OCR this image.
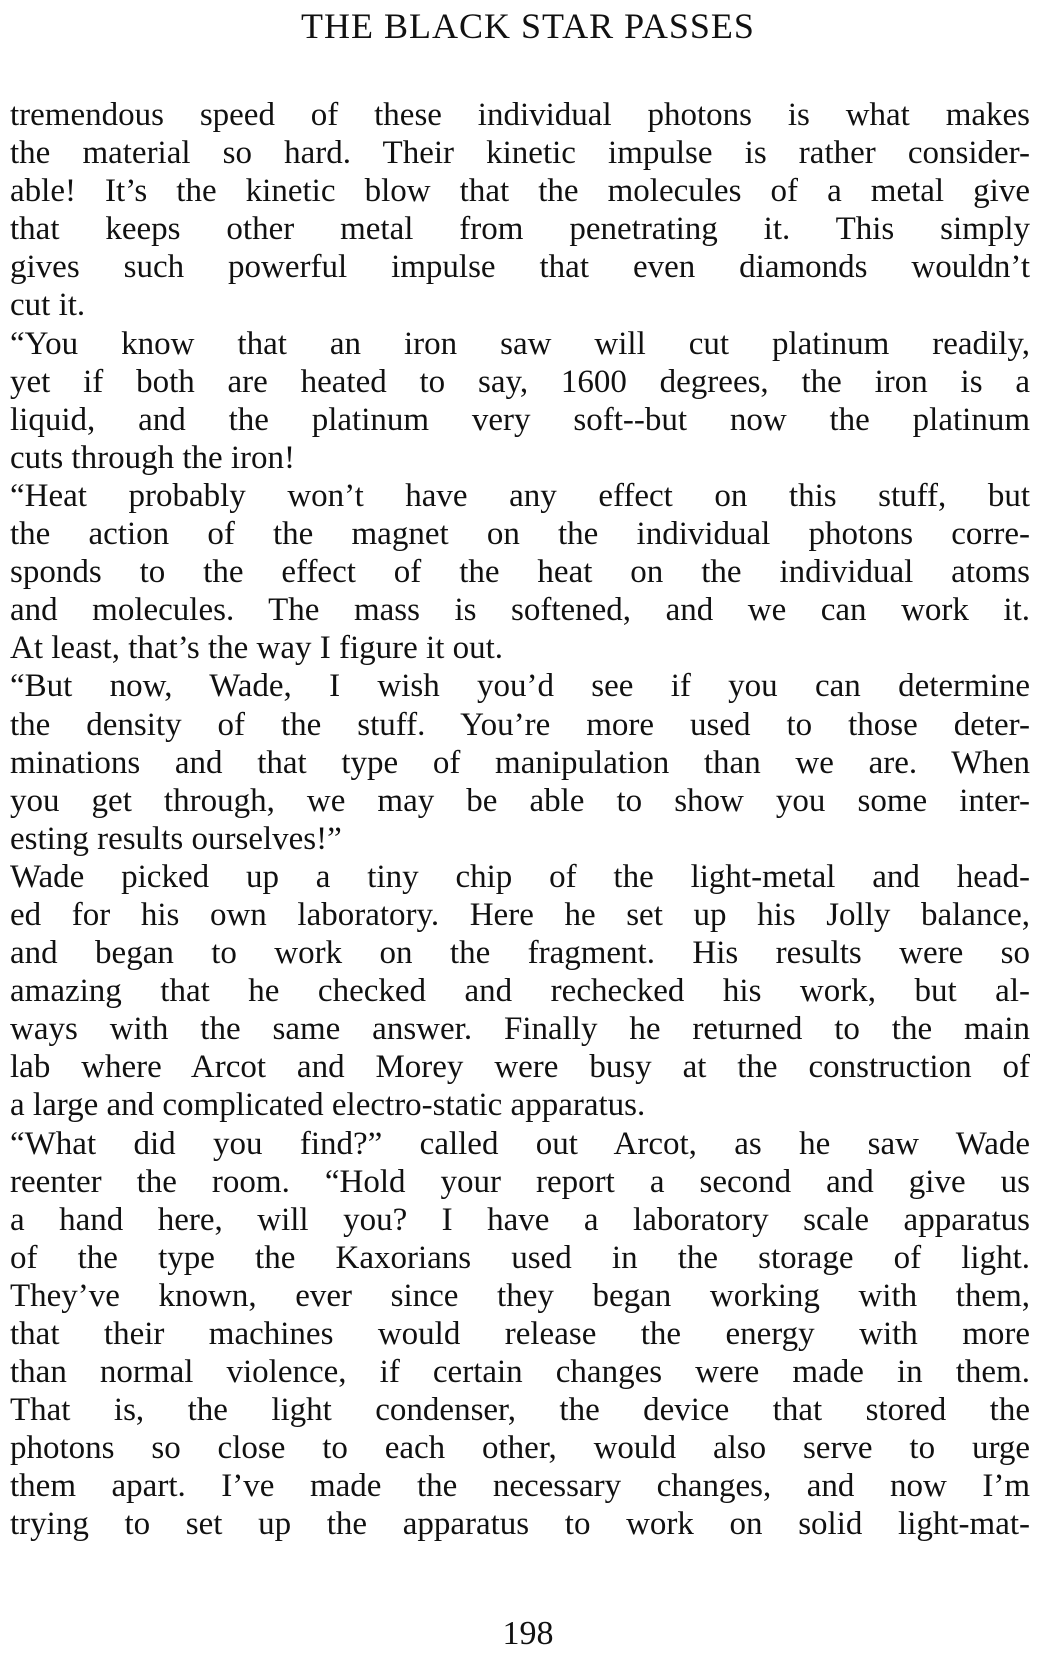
THE BLACK STAR PASSES
tremendous speed of these individual photons is what makes
the material so hard. Their kinetic impulse is rather consider-
able! It’s the kinetic blow that the molecules of a metal give
that keeps other metal from penetrating it. This simply
gives such powerful impulse that even diamonds wouldn’t
cut it.
“You know that an iron saw will cut platinum readily,
yet if both are heated to say, 1600 degrees, the iron is a
liquid, and the platinum very soft--but now the platinum
cuts through the iron!
“Heat probably won’t have any effect on this stuff, but
the action of the magnet on the individual photons corre-
sponds to the effect of the heat on the individual atoms
and molecules. The mass is softened, and we can work it.
At least, that’s the way I figure it out.
“But now, Wade, I wish you’d see if you can determine
the density of the stuff. You’re more used to those deter-
minations and that type of manipulation than we are. When
you get through, we may be able to show you some inter-
esting results ourselves!”
Wade picked up a tiny chip of the light-metal and head-
ed for his own laboratory. Here he set up his Jolly balance,
and began to work on the fragment. His results were so
amazing that he checked and rechecked his work, but al-
ways with the same answer. Finally he returned to the main
lab where Arcot and Morey were busy at the construction of
a large and complicated electro-static apparatus.
“What did you find?” called out Arcot, as he saw Wade
reenter the room. “Hold your report a second and give us
a hand here, will you? I have a laboratory scale apparatus
of the type the Kaxorians used in the storage of light.
They’ve known, ever since they began working with them,
that their machines would release the energy with more
than normal violence, if certain changes were made in them.
That is, the light condenser, the device that stored the
photons so close to each other, would also serve to urge
them apart. I’ve made the necessary changes, and now I’m
trying to set up the apparatus to work on solid light-mat-
198
